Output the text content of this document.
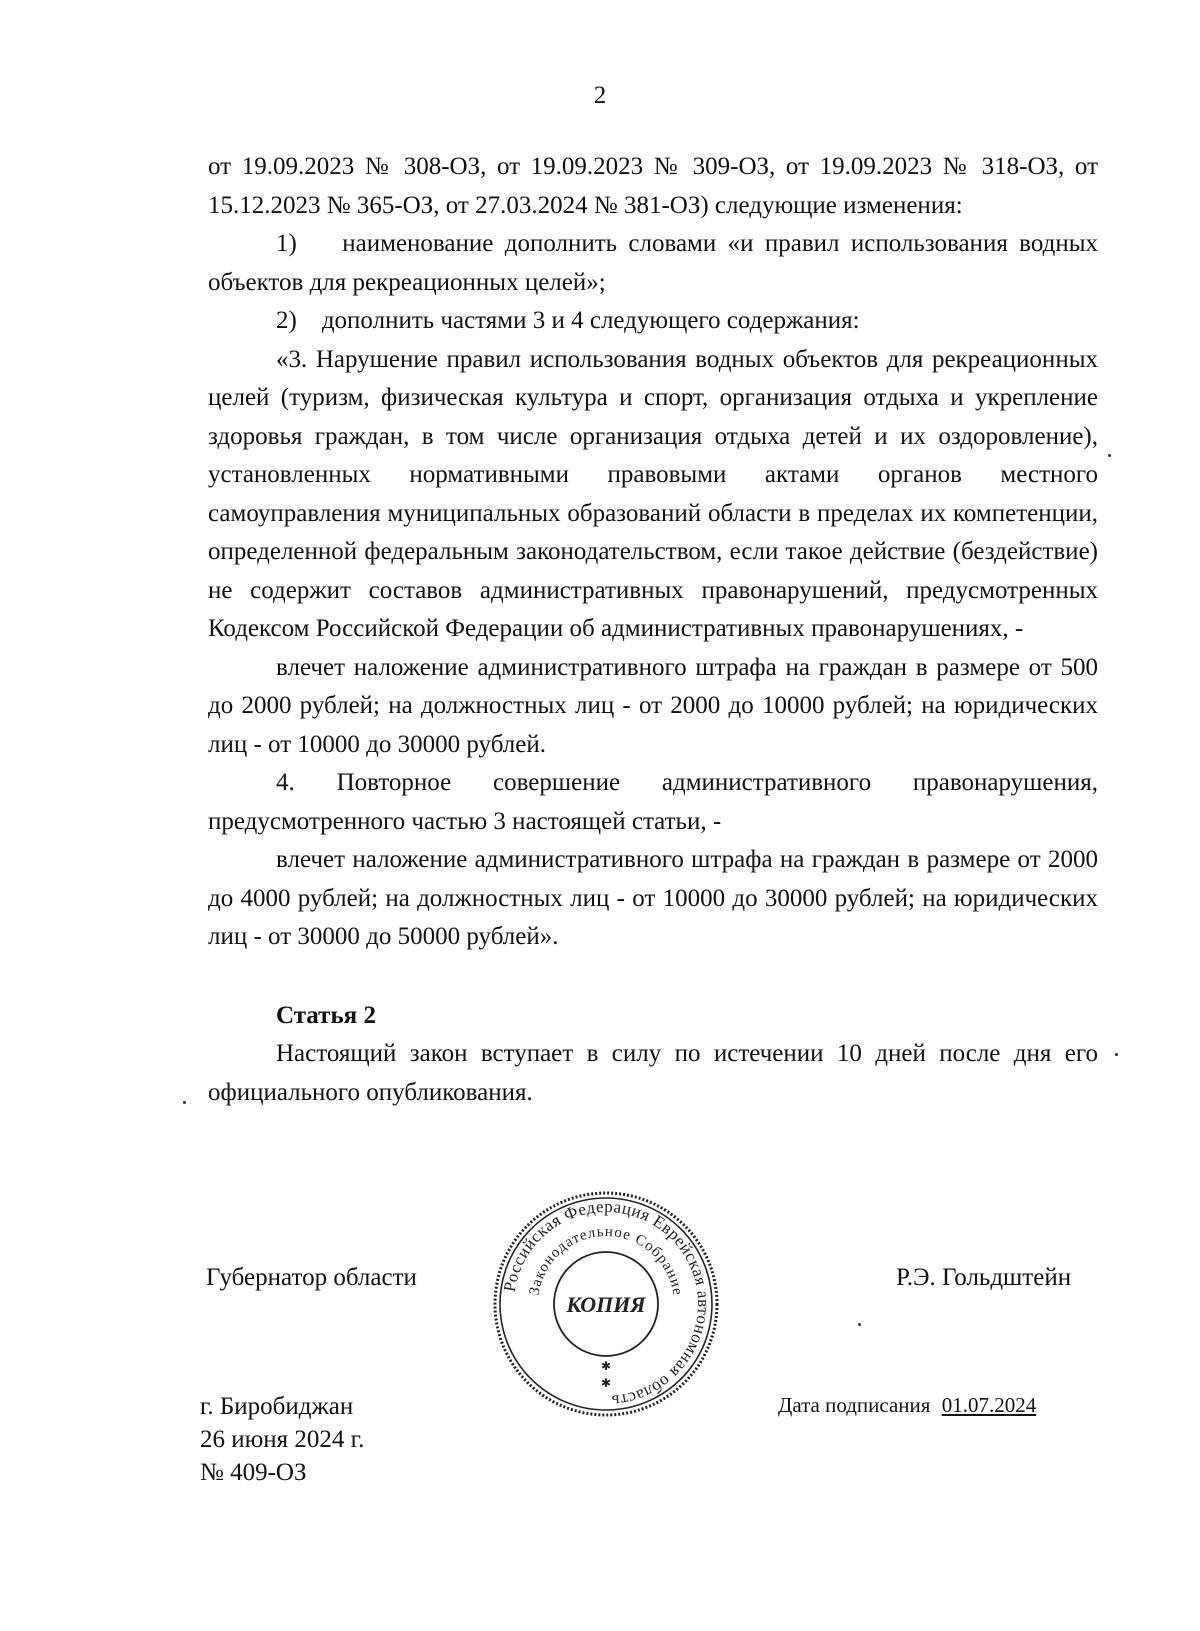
2

от 19.09.2023 № 308-ОЗ, от 19.09.2023 № 309-ОЗ, от 19.09.2023 № 318-ОЗ, от 15.12.2023 № 365-ОЗ, от 27.03.2024 № 381-ОЗ) следующие изменения:

1)    наименование дополнить словами «и правил использования водных объектов для рекреационных целей»;

2)    дополнить частями 3 и 4 следующего содержания:

«3. Нарушение правил использования водных объектов для рекреационных целей (туризм, физическая культура и спорт, организация отдыха и укрепление здоровья граждан, в том числе организация отдыха детей и их оздоровление), установленных нормативными правовыми актами органов местного самоуправления муниципальных образований области в пределах их компетенции, определенной федеральным законодательством, если такое действие (бездействие) не содержит составов административных правонарушений, предусмотренных Кодексом Российской Федерации об административных правонарушениях, -

влечет наложение административного штрафа на граждан в размере от 500 до 2000 рублей; на должностных лиц - от 2000 до 10000 рублей; на юридических лиц - от 10000 до 30000 рублей.

4. Повторное совершение административного правонарушения, предусмотренного частью 3 настоящей статьи, -

влечет наложение административного штрафа на граждан в размере от 2000 до 4000 рублей; на должностных лиц - от 10000 до 30000 рублей; на юридических лиц - от 30000 до 50000 рублей».

Статья 2

Настоящий закон вступает в силу по истечении 10 дней после дня его официального опубликования.

Губернатор области	Р.Э. Гольдштейн
Российская Федерация Еврейская автономная область
Законодательное Собрание
КОПИЯ
✱
✱
г. Биробиджан
26 июня 2024 г.
№ 409-ОЗ
Дата подписания 01.07.2024
